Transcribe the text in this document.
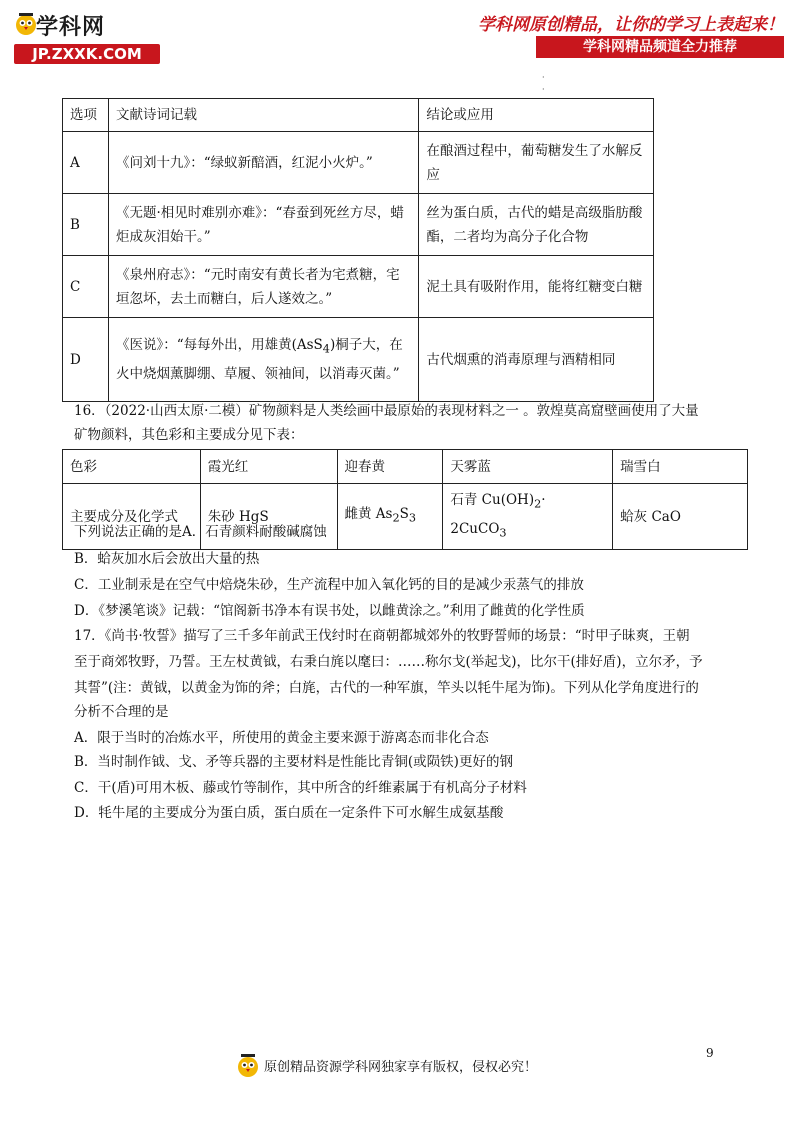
学科网
JP.ZXXK.COM
学科网原创精品，让你的学习上表起来！
学科网精品频道全力推荐
·
·
选项	文献诗词记载	结论或应用
A	《问刘十九》：“绿蚁新醅酒，红泥小火炉。”	在酿酒过程中，葡萄糖发生了水解反应
B	《无题·相见时难别亦难》：“春蚕到死丝方尽，蜡炬成灰泪始干。”	丝为蛋白质，古代的蜡是高级脂肪酸酯，二者均为高分子化合物
C	《泉州府志》：“元时南安有黄长者为宅煮糖，宅垣忽坏，去土而糖白，后人遂效之。”	泥土具有吸附作用，能将红糖变白糖
D	《医说》：“每每外出，用雄黄(AsS$_4$)桐子大，在火中烧烟薰脚绷、草履、领袖间，以消毒灭菌。”	古代烟熏的消毒原理与酒精相同
16．（2022·山西太原·二模）矿物颜料是人类绘画中最原始的表现材料之一 。敦煌莫高窟壁画使用了大量
矿物颜料，其色彩和主要成分见下表：
色彩	霞光红	迎春黄	天雾蓝	瑞雪白
主要成分及化学式	朱砂 HgS	雌黄 $As_2S_3$	石青 $Cu(OH)_2\cdot$ 2CuCO$_3$	蛤灰 CaO
下列说法正确的是A．石青颜料耐酸碱腐蚀
B．蛤灰加水后会放出大量的热
C．工业制汞是在空气中焙烧朱砂，生产流程中加入氧化钙的目的是减少汞蒸气的排放
D．《梦溪笔谈》记载：“馆阁新书净本有误书处，以雌黄涂之。”利用了雌黄的化学性质
17．《尚书·牧誓》描写了三千多年前武王伐纣时在商朝都城郊外的牧野誓师的场景：“时甲子昧爽，王朝
至于商郊牧野，乃誓。王左杖黄钺，右秉白旄以麾曰：……称尔戈(举起戈)，比尔干(排好盾)，立尔矛，予
其誓”(注：黄钺，以黄金为饰的斧；白旄，古代的一种军旗，竿头以牦牛尾为饰)。下列从化学角度进行的
分析不合理的是
A．限于当时的冶炼水平，所使用的黄金主要来源于游离态而非化合态
B．当时制作钺、戈、矛等兵器的主要材料是性能比青铜(或陨铁)更好的钢
C．干(盾)可用木板、藤或竹等制作，其中所含的纤维素属于有机高分子材料
D．牦牛尾的主要成分为蛋白质，蛋白质在一定条件下可水解生成氨基酸
9
原创精品资源学科网独家享有版权，侵权必究！
